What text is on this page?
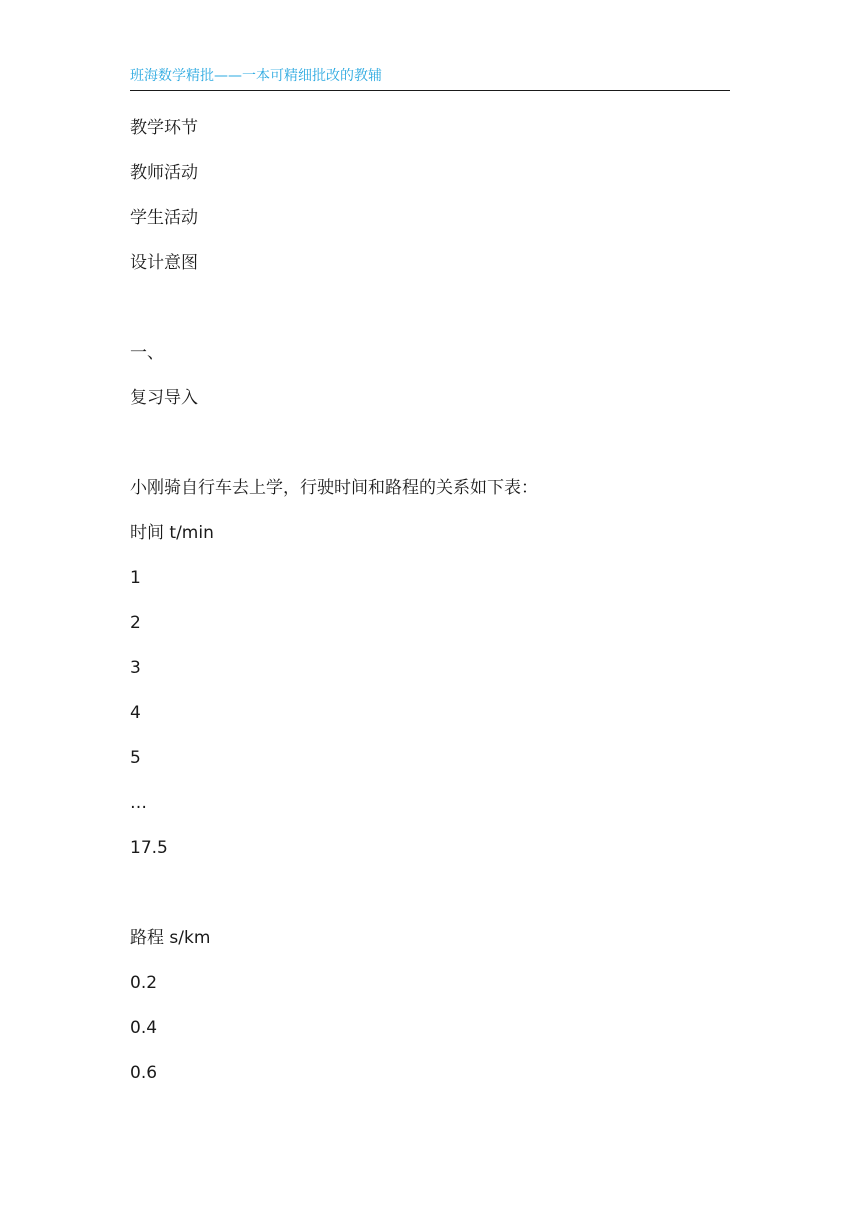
班海数学精批——一本可精细批改的教辅
教学环节
教师活动
学生活动
设计意图
一、
复习导入
小刚骑自行车去上学，行驶时间和路程的关系如下表：
时间 t/min
1
2
3
4
5
…
17.5
路程 s/km
0.2
0.4
0.6
